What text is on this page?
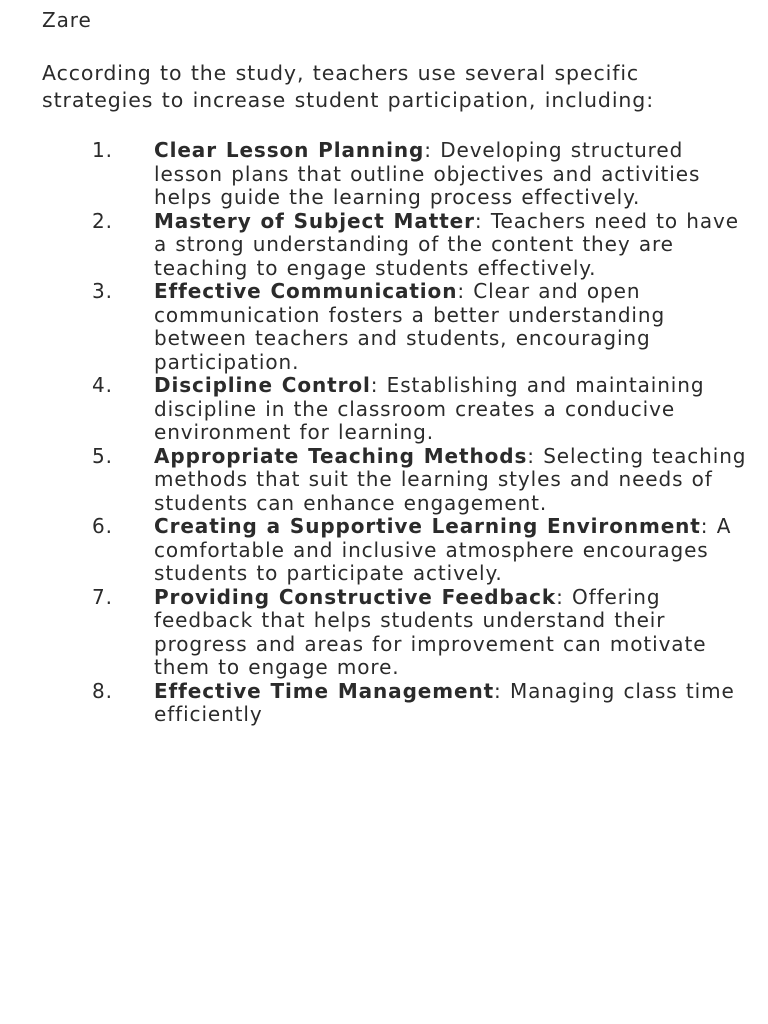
Zare

According to the study, teachers use several specific strategies to increase student participation, including:

1. Clear Lesson Planning: Developing structured lesson plans that outline objectives and activities helps guide the learning process effectively.
2. Mastery of Subject Matter: Teachers need to have a strong understanding of the content they are teaching to engage students effectively.
3. Effective Communication: Clear and open communication fosters a better understanding between teachers and students, encouraging participation.
4. Discipline Control: Establishing and maintaining discipline in the classroom creates a conducive environment for learning.
5. Appropriate Teaching Methods: Selecting teaching methods that suit the learning styles and needs of students can enhance engagement.
6. Creating a Supportive Learning Environment: A comfortable and inclusive atmosphere encourages students to participate actively.
7. Providing Constructive Feedback: Offering feedback that helps students understand their progress and areas for improvement can motivate them to engage more.
8. Effective Time Management: Managing class time efficiently
